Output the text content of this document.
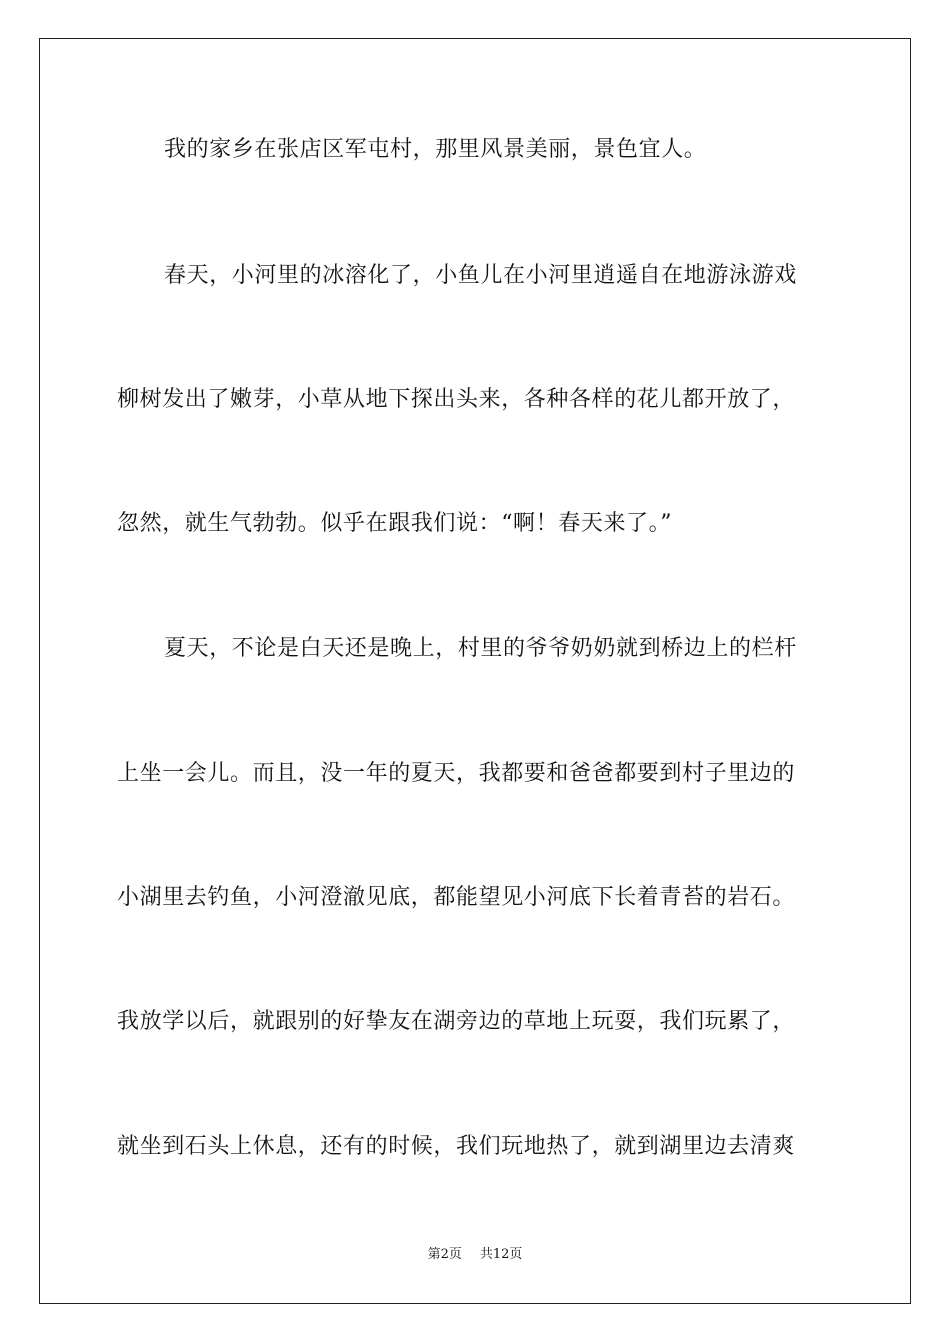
我的家乡在张店区军屯村，那里风景美丽，景色宜人。
春天，小河里的冰溶化了，小鱼儿在小河里逍遥自在地游泳游戏
柳树发出了嫩芽，小草从地下探出头来，各种各样的花儿都开放了，
忽然，就生气勃勃。似乎在跟我们说：“啊！春天来了。”
夏天，不论是白天还是晚上，村里的爷爷奶奶就到桥边上的栏杆
上坐一会儿。而且，没一年的夏天，我都要和爸爸都要到村子里边的
小湖里去钓鱼，小河澄澈见底，都能望见小河底下长着青苔的岩石。
我放学以后，就跟别的好挚友在湖旁边的草地上玩耍，我们玩累了，
就坐到石头上休息，还有的时候，我们玩地热了，就到湖里边去清爽
第2页 共12页
